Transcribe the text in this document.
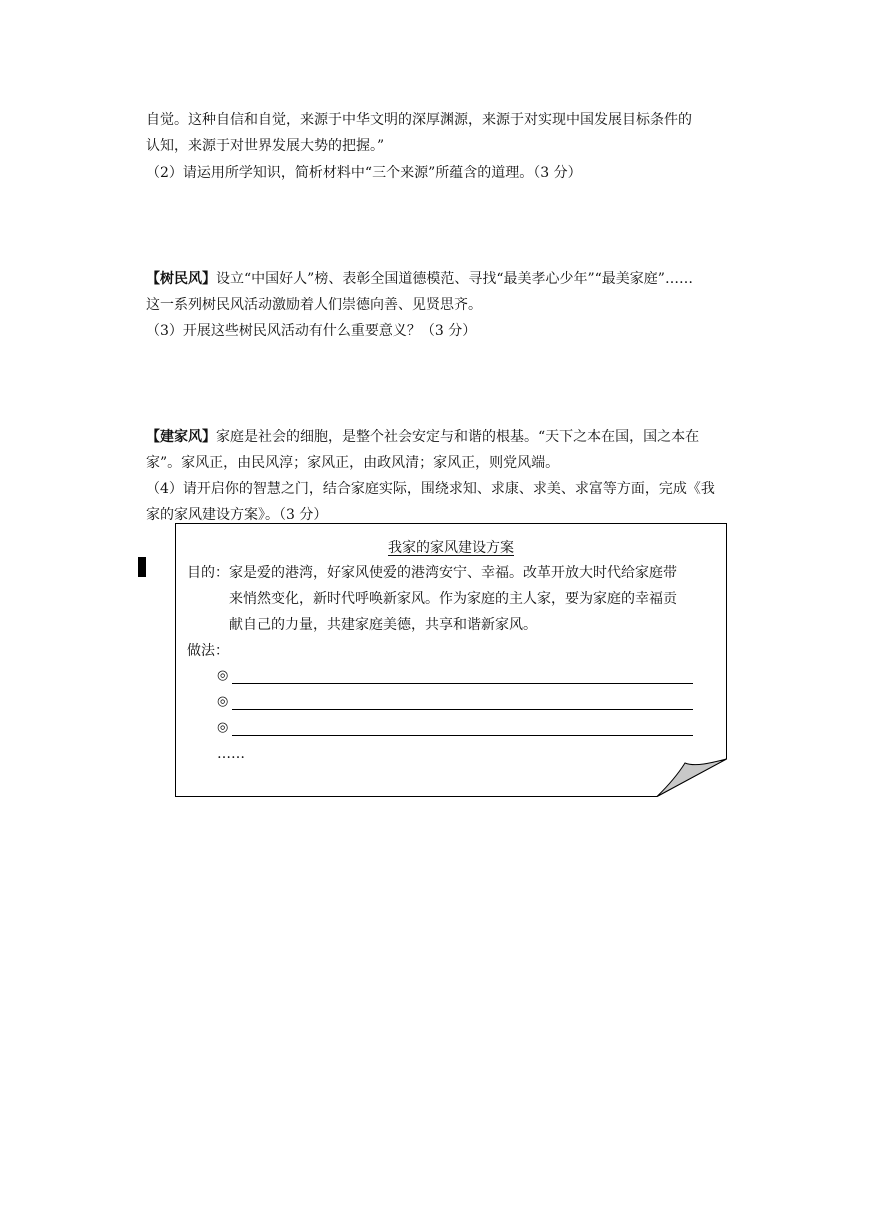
自觉。这种自信和自觉，来源于中华文明的深厚渊源，来源于对实现中国发展目标条件的
认知，来源于对世界发展大势的把握。”
（2）请运用所学知识，简析材料中“三个来源”所蕴含的道理。（3 分）
【树民风】设立“中国好人”榜、表彰全国道德模范、寻找“最美孝心少年”“最美家庭”……
这一系列树民风活动激励着人们崇德向善、见贤思齐。
（3）开展这些树民风活动有什么重要意义？（3 分）
【建家风】家庭是社会的细胞，是整个社会安定与和谐的根基。“天下之本在国，国之本在
家”。家风正，由民风淳；家风正，由政风清；家风正，则党风端。
（4）请开启你的智慧之门，结合家庭实际，围绕求知、求康、求美、求富等方面，完成《我
家的家风建设方案》。（3 分）
我家的家风建设方案
目的：家是爱的港湾，好家风使爱的港湾安宁、幸福。改革开放大时代给家庭带
来悄然变化，新时代呼唤新家风。作为家庭的主人家，要为家庭的幸福贡
献自己的力量，共建家庭美德，共享和谐新家风。
做法：
◎
◎
◎
……
